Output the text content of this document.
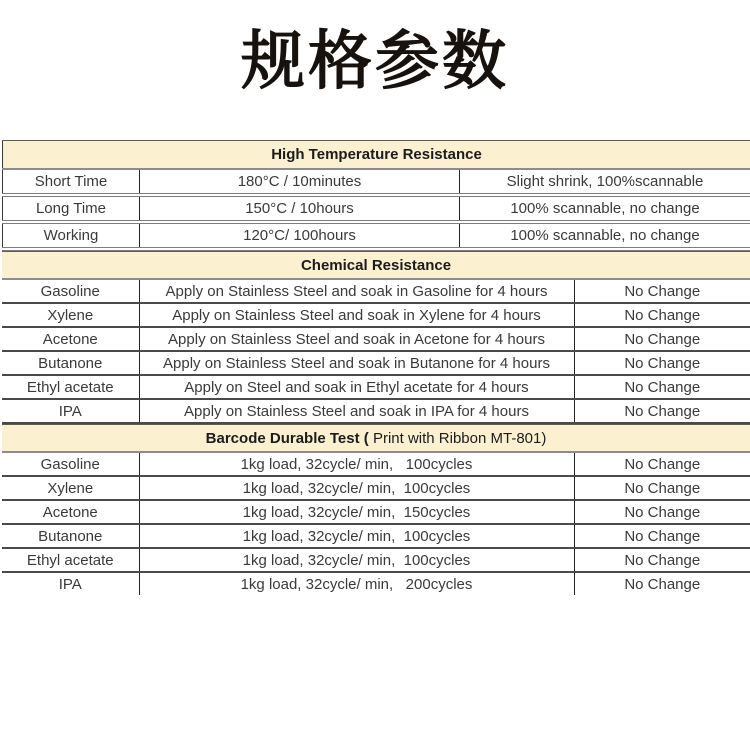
规格参数
High Temperature Resistance		
Short Time	180°C / 10minutes	Slight shrink, 100%scannable
Long Time	150°C / 10hours	100% scannable, no change
Working	120°C/ 100hours	100% scannable, no change
Chemical Resistance		
Gasoline	Apply on Stainless Steel and soak in Gasoline for 4 hours	No Change
Xylene	Apply on Stainless Steel and soak in Xylene for 4 hours	No Change
Acetone	Apply on Stainless Steel and soak in Acetone for 4 hours	No Change
Butanone	Apply on Stainless Steel and soak in Butanone for 4 hours	No Change
Ethyl acetate	Apply on Steel and soak in Ethyl acetate for 4 hours	No Change
IPA	Apply on Stainless Steel and soak in IPA for 4 hours	No Change
Barcode Durable Test ( Print with Ribbon MT-801)		
Gasoline	1kg load, 32cycle/ min,   100cycles	No Change
Xylene	1kg load, 32cycle/ min,  100cycles	No Change
Acetone	1kg load, 32cycle/ min,  150cycles	No Change
Butanone	1kg load, 32cycle/ min,  100cycles	No Change
Ethyl acetate	1kg load, 32cycle/ min,  100cycles	No Change
IPA	1kg load, 32cycle/ min,   200cycles	No Change
